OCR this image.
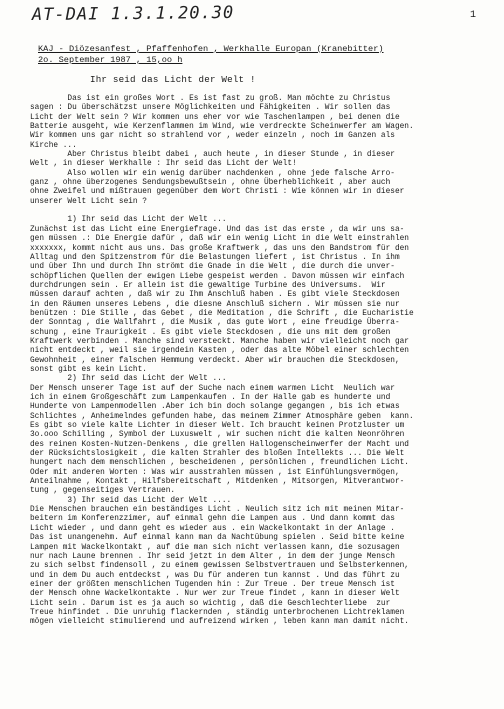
AT-DAI 1.3.1.20.30	1
KAJ - Diözesanfest , Pfaffenhofen , Werkhalle Europan (Kranebitter)
2o. September 1987 , 15,oo h
Ihr seid das Licht der Welt !
Das ist ein großes Wort . Es ist fast zu groß. Man möchte zu Christus
sagen : Du überschätzst unsere Möglichkeiten und Fähigkeiten . Wir sollen das
Licht der Welt sein ? Wir kommen uns eher vor wie Taschenlampen , bei denen die
Batterie ausgeht, wie Kerzenflammen im Wind, wie verdreckte Scheinwerfer am Wagen.
Wir kommen uns gar nicht so strahlend vor , weder einzeln , noch im Ganzen als
Kirche ...
Aber Christus bleibt dabei , auch heute , in dieser Stunde , in dieser
Welt , in dieser Werkhalle : Ihr seid das Licht der Welt!
Also wollen wir ein wenig darüber nachdenken , ohne jede falsche Arro-
ganz , ohne überzogenes Sendungsbewußtsein , ohne Überheblichkeit , aber auch
ohne Zweifel und mißtrauen gegenüber dem Wort Christi : Wie können wir in dieser
unserer Welt Licht sein ?

1) Ihr seid das Licht der Welt ...
Zunächst ist das Licht eine Energiefrage. Und das ist das erste , da wir uns sa-
gen müssen .: Die Energie dafür , daß wir ein wenig Licht in die Welt einstrahlen
xxxxxxx, kommt nicht aus uns. Das große Kraftwerk , das uns den Bandstrom für den
Alltag und den Spitzenstrom für die Belastungen liefert , ist Christus . In ihm
und über Ihn und durch Ihn strömt die Gnade in die Welt , die durch die unver-
schöpflichen Quellen der ewigen Liebe gespeist werden . Davon müssen wir einfach
durchdrungen sein . Er allein ist die gewaltige Turbine des Universums.  Wir
müssen darauf achten , daß wir zu Ihm Anschluß haben . Es gibt viele Steckdosen
in den Räumen unseres Lebens , die diesne Anschluß sichern . Wir müssen sie nur
benützen : Die Stille , das Gebet , die Meditation , die Schrift , die Eucharistie
der Sonntag , die Wallfahrt , die Musik , das gute Wort , eine freudige Überra-
schung , eine Traurigkeit . Es gibt viele Steckdosen , die uns mit dem großen
Kraftwerk verbinden . Manche sind versteckt. Manche haben wir vielleicht noch gar
nicht entdeckt , weil sie irgendein Kasten , oder das alte Möbel einer schlechten
Gewohnheit , einer falschen Hemmung verdeckt. Aber wir brauchen die Steckdosen,
sonst gibt es kein Licht.
2) Ihr seid das Licht der Welt ...
Der Mensch unserer Tage ist auf der Suche nach einem warmen Licht  Neulich war
ich in einem Großgeschäft zum Lampenkaufen . In der Halle gab es hunderte und
Hunderte von Lampenmodellen .Aber ich bin doch solange gegangen , bis ich etwas
Schlichtes , Anheimelndes gefunden habe, das meinem Zimmer Atmosphäre geben  kann.
Es gibt so viele kalte Lichter in dieser Welt. Ich braucht keinen Protzluster um
3o.ooo Schilling , Symbol der Luxuswelt , wir suchen nicht die kalten Neonröhren
des reinen Kosten-Nutzen-Denkens , die grellen Hallogenscheinwerfer der Macht und
der Rücksichtslosigkeit , die kalten Strahler des bloßen Intellekts ... Die Welt
hungert nach dem menschlichen , bescheidenen , persönlichen , freundlichen Licht.
Oder mit anderen Worten : Was wir ausstrahlen müssen , ist Einfühlungsvermögen,
Anteilnahme , Kontakt , Hilfsbereitschaft , Mitdenken , Mitsorgen, Mitverantwor-
tung , gegenseitiges Vertrauen.
3) Ihr seid das Licht der Welt ....
Die Menschen brauchen ein beständiges Licht . Neulich sitz ich mit meinen Mitar-
beitern im Konferenzzimer, auf einmal gehn die Lampen aus . Und dann kommt das
Licht wieder , und dann geht es wieder aus . ein Wackelkontakt in der Anlage .
Das ist unangenehm. Auf einmal kann man da Nachtübung spielen . Seid bitte keine
Lampen mit Wackelkontakt , auf die man sich nicht verlassen kann, die sozusagen
nur nach Laune brennen . Ihr seid jetzt in dem Alter , in dem der junge Mensch
zu sich selbst findensoll , zu einem gewissen Selbstvertrauen und Selbsterkennen,
und in dem Du auch entdeckst , was Du für anderen tun kannst . Und das führt zu
einer der größten menschlichen Tugenden hin : Zur Treue . Der treue Mensch ist
der Mensch ohne Wackelkontakte . Nur wer zur Treue findet , kann in dieser Welt
Licht sein . Darum ist es ja auch so wichtig , daß die Geschlechterliebe  zur
Treue hinfindet . Die unruhig flackernden , ständig unterbrochenen Lichtreklamen
mögen vielleicht stimulierend und aufreizend wirken , leben kann man damit nicht.
